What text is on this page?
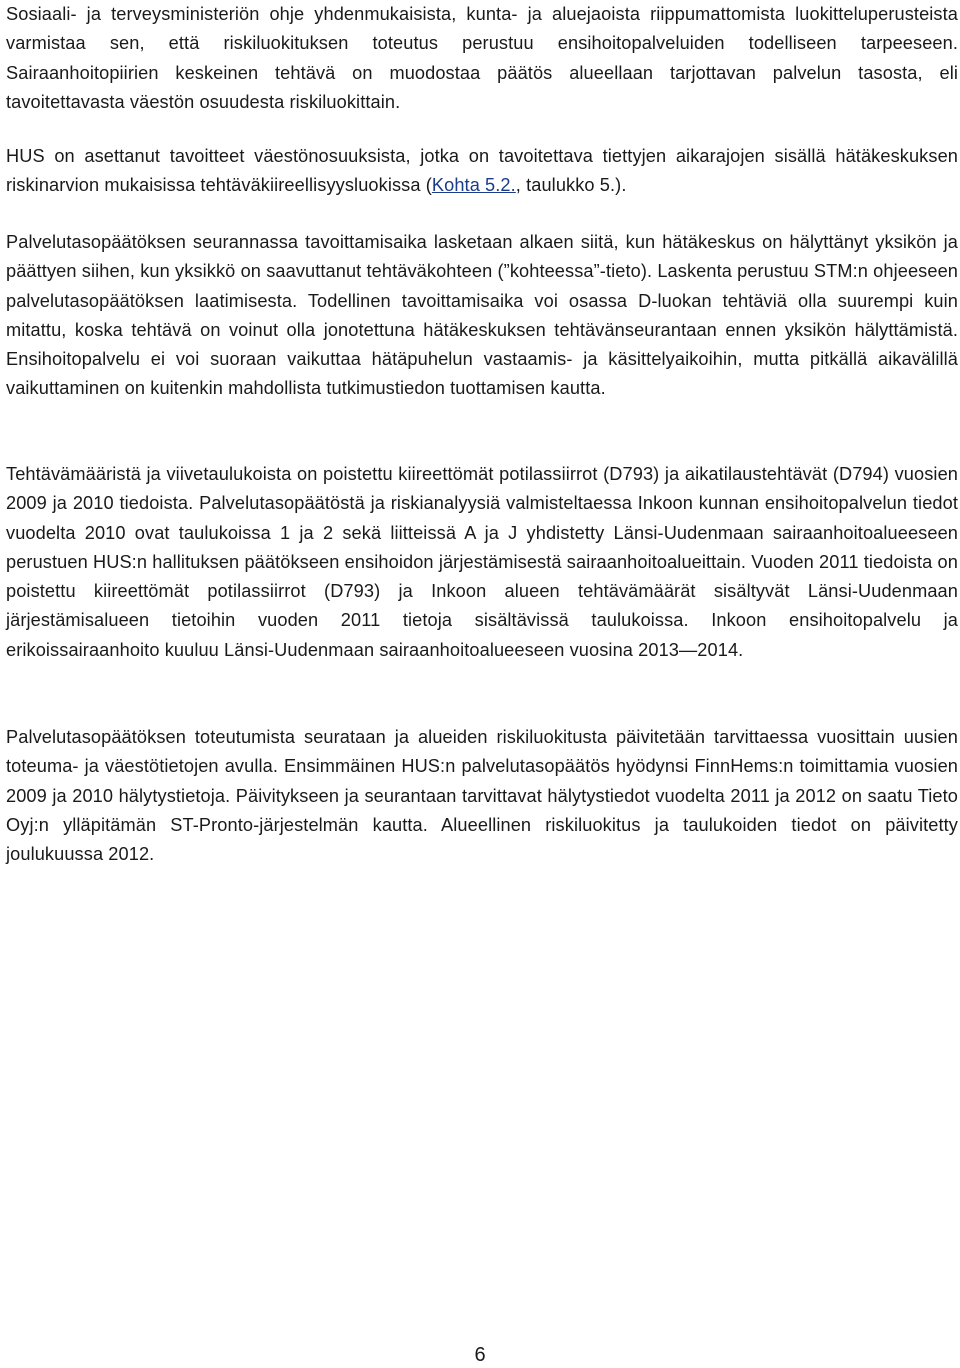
Sosiaali- ja terveysministeriön ohje yhdenmukaisista, kunta- ja aluejaoista riippumattomista luokitteluperusteista varmistaa sen, että riskiluokituksen toteutus perustuu ensihoitopalveluiden todelliseen tarpeeseen. Sairaanhoitopiirien keskeinen tehtävä on muodostaa päätös alueellaan tarjottavan palvelun tasosta, eli tavoitettavasta väestön osuudesta riskiluokittain.

HUS on asettanut tavoitteet väestönosuuksista, jotka on tavoitettava tiettyjen aikarajojen sisällä hätäkeskuksen riskinarvion mukaisissa tehtäväkiireellisyysluokissa (Kohta 5.2., taulukko 5.).

Palvelutasopäätöksen seurannassa tavoittamisaika lasketaan alkaen siitä, kun hätäkeskus on hälyttänyt yksikön ja päättyen siihen, kun yksikkö on saavuttanut tehtäväkohteen (”kohteessa”-tieto). Laskenta perustuu STM:n ohjeeseen palvelutasopäätöksen laatimisesta. Todellinen tavoittamisaika voi osassa D-luokan tehtäviä olla suurempi kuin mitattu, koska tehtävä on voinut olla jonotettuna hätäkeskuksen tehtävänseurantaan ennen yksikön hälyttämistä. Ensihoitopalvelu ei voi suoraan vaikuttaa hätäpuhelun vastaamis- ja käsittelyaikoihin, mutta pitkällä aikavälillä vaikuttaminen on kuitenkin mahdollista tutkimustiedon tuottamisen kautta.

Tehtävämääristä ja viivetaulukoista on poistettu kiireettömät potilassiirrot (D793) ja aikatilaustehtävät (D794) vuosien 2009 ja 2010 tiedoista. Palvelutasopäätöstä ja riskianalyysiä valmisteltaessa Inkoon kunnan ensihoitopalvelun tiedot vuodelta 2010 ovat taulukoissa 1 ja 2 sekä liitteissä A ja J yhdistetty Länsi-Uudenmaan sairaanhoitoalueeseen perustuen HUS:n hallituksen päätökseen ensihoidon järjestämisestä sairaanhoitoalueittain. Vuoden 2011 tiedoista on poistettu kiireettömät potilassiirrot (D793) ja Inkoon alueen tehtävämäärät sisältyvät Länsi-Uudenmaan järjestämisalueen tietoihin vuoden 2011 tietoja sisältävissä taulukoissa. Inkoon ensihoitopalvelu ja erikoissairaanhoito kuuluu Länsi-Uudenmaan sairaanhoitoalueeseen vuosina 2013—2014.

Palvelutasopäätöksen toteutumista seurataan ja alueiden riskiluokitusta päivitetään tarvittaessa vuosittain uusien toteuma- ja väestötietojen avulla. Ensimmäinen HUS:n palvelutasopäätös hyödynsi FinnHems:n toimittamia vuosien 2009 ja 2010 hälytystietoja. Päivitykseen ja seurantaan tarvittavat hälytystiedot vuodelta 2011 ja 2012 on saatu Tieto Oyj:n ylläpitämän ST-Pronto-järjestelmän kautta. Alueellinen riskiluokitus ja taulukoiden tiedot on päivitetty joulukuussa 2012.

6
